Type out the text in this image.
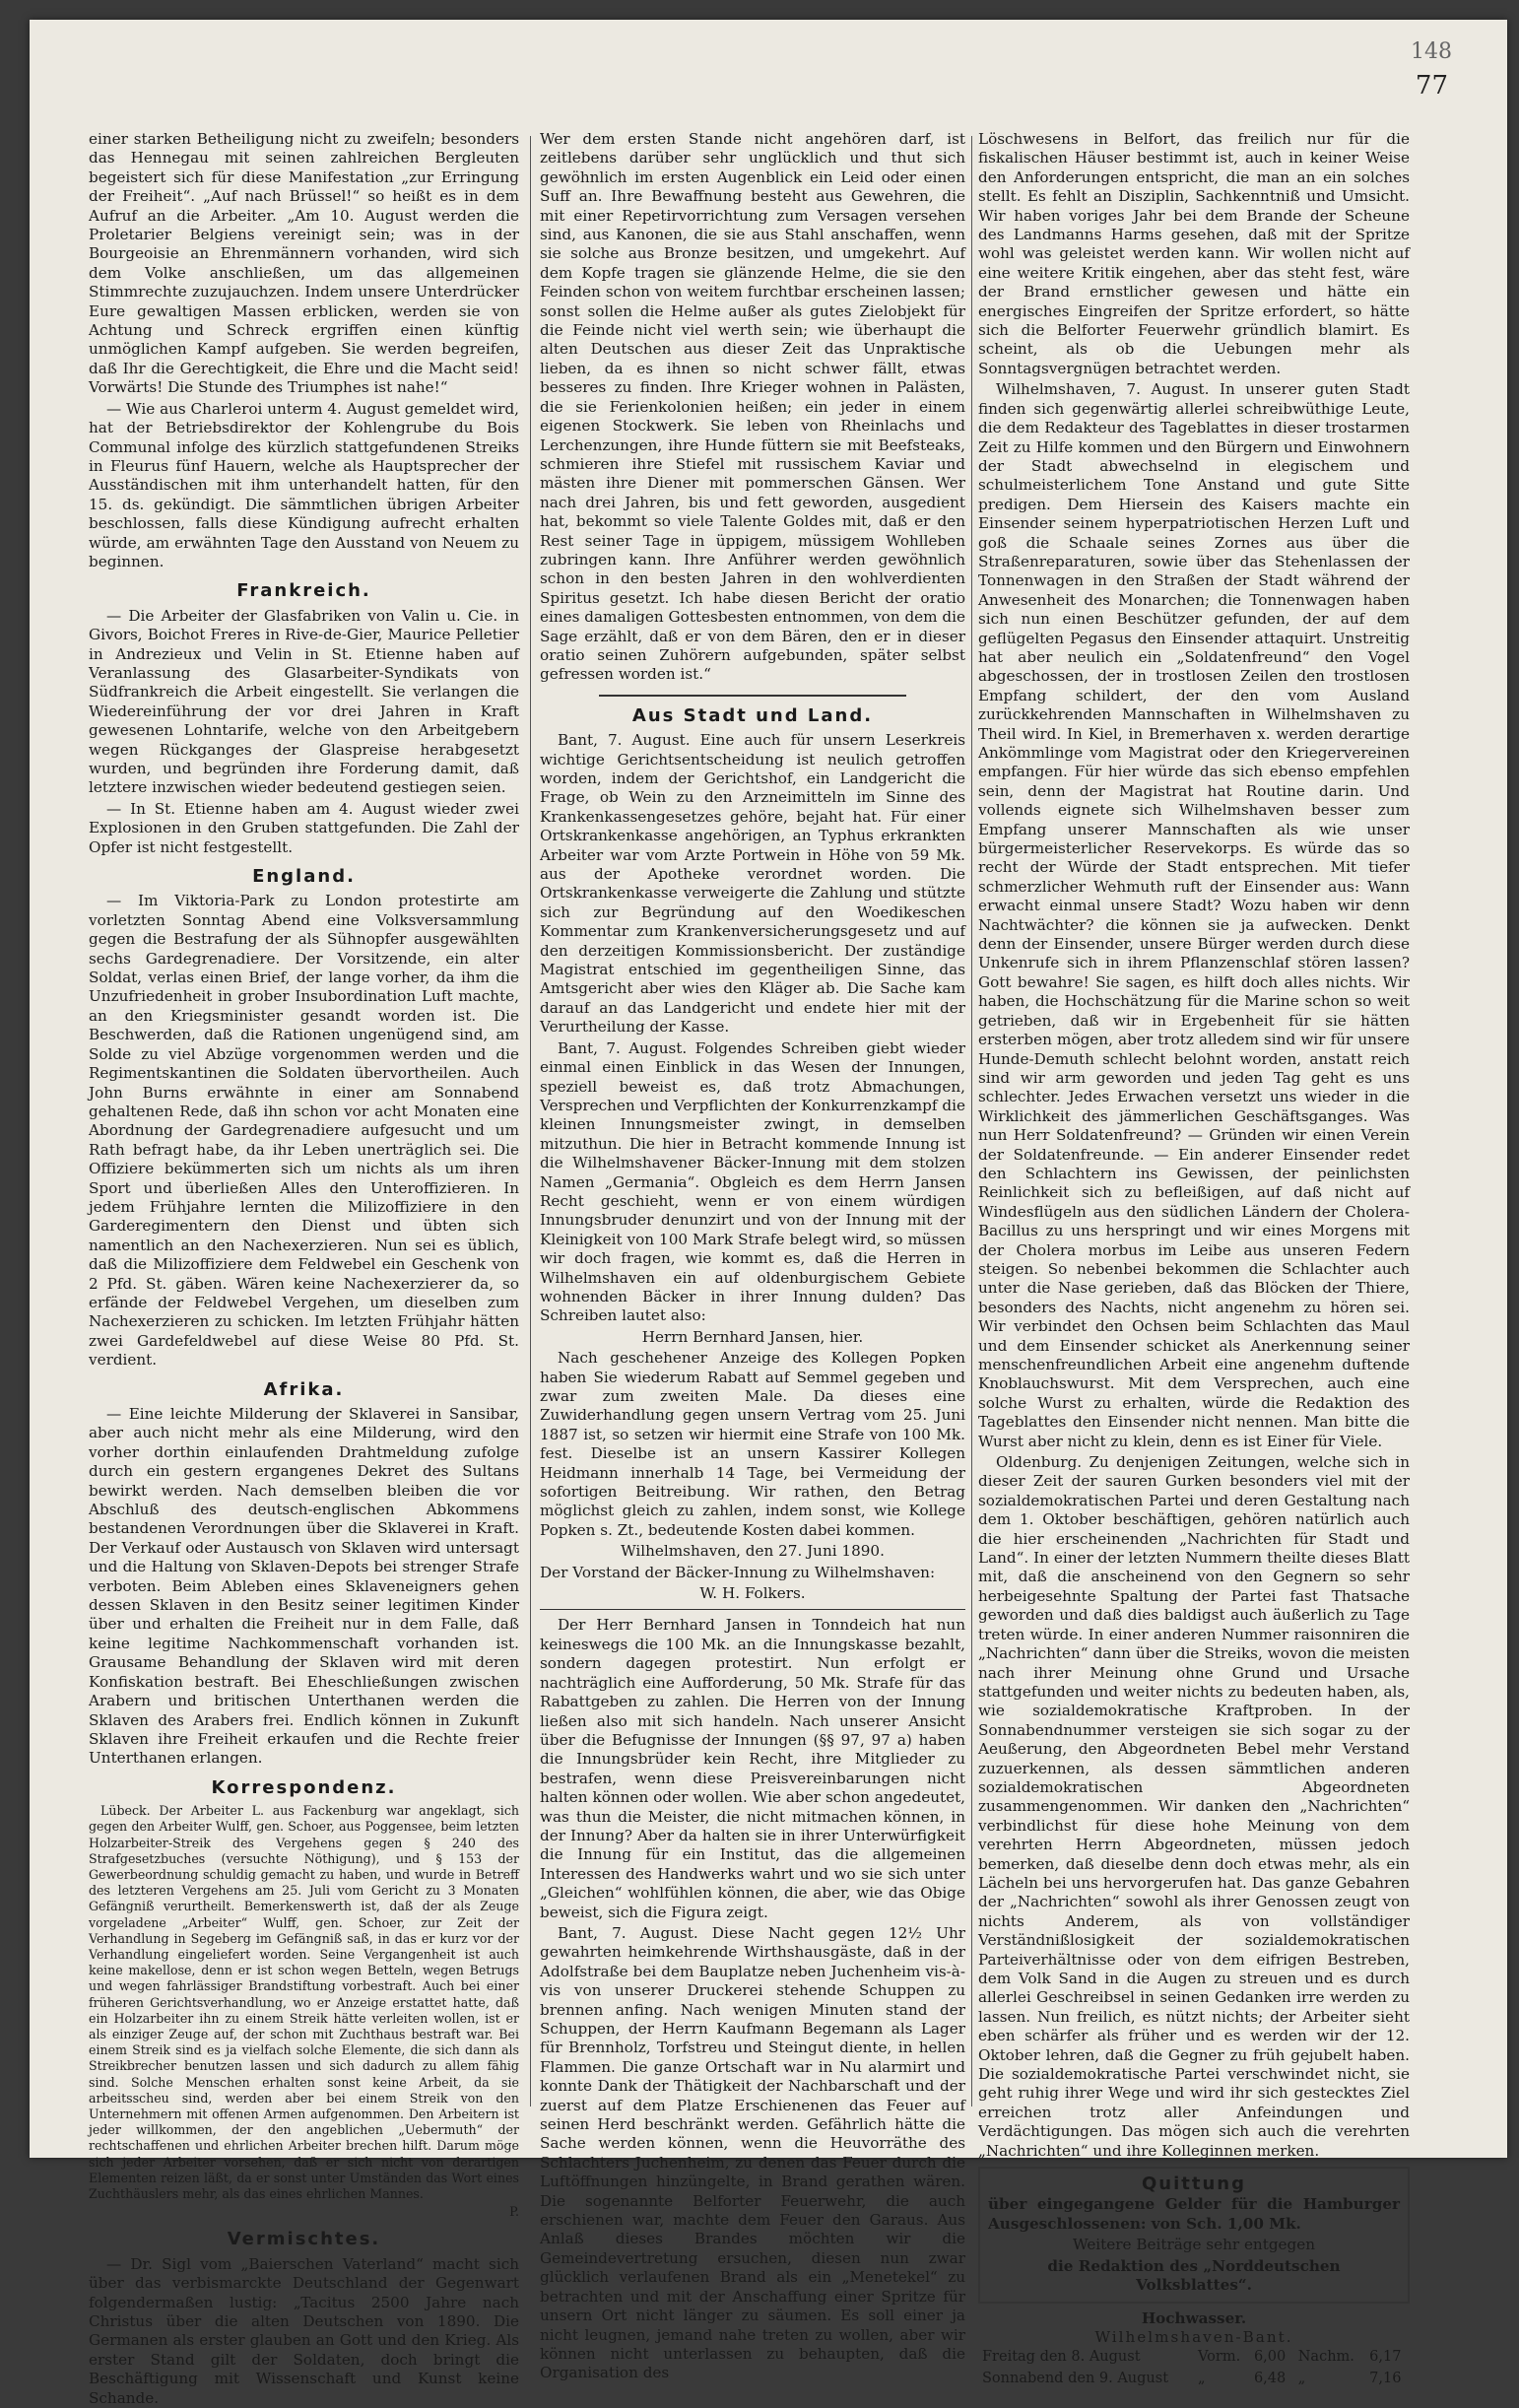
148
77

einer starken Betheiligung nicht zu zweifeln; besonders das Hennegau mit seinen zahlreichen Bergleuten begeistert sich für diese Manifestation „zur Erringung der Freiheit“. „Auf nach Brüssel!“ so heißt es in dem Aufruf an die Arbeiter. „Am 10. August werden die Proletarier Belgiens vereinigt sein; was in der Bourgeoisie an Ehrenmännern vorhanden, wird sich dem Volke anschließen, um das allgemeinen Stimmrechte zuzujauchzen. Indem unsere Unterdrücker Eure gewaltigen Massen erblicken, werden sie von Achtung und Schreck ergriffen einen künftig unmöglichen Kampf aufgeben. Sie werden begreifen, daß Ihr die Gerechtigkeit, die Ehre und die Macht seid! Vorwärts! Die Stunde des Triumphes ist nahe!“

— Wie aus Charleroi unterm 4. August gemeldet wird, hat der Betriebsdirektor der Kohlengrube du Bois Communal infolge des kürzlich stattgefundenen Streiks in Fleurus fünf Hauern, welche als Hauptsprecher der Ausständischen mit ihm unterhandelt hatten, für den 15. ds. gekündigt. Die sämmtlichen übrigen Arbeiter beschlossen, falls diese Kündigung aufrecht erhalten würde, am erwähnten Tage den Ausstand von Neuem zu beginnen.

Frankreich.

— Die Arbeiter der Glasfabriken von Valin u. Cie. in Givors, Boichot Freres in Rive-de-Gier, Maurice Pelletier in Andrezieux und Velin in St. Etienne haben auf Veranlassung des Glasarbeiter-Syndikats von Südfrankreich die Arbeit eingestellt. Sie verlangen die Wiedereinführung der vor drei Jahren in Kraft gewesenen Lohntarife, welche von den Arbeitgebern wegen Rückganges der Glaspreise herabgesetzt wurden, und begründen ihre Forderung damit, daß letztere inzwischen wieder bedeutend gestiegen seien.

— In St. Etienne haben am 4. August wieder zwei Explosionen in den Gruben stattgefunden. Die Zahl der Opfer ist nicht festgestellt.

England.

— Im Viktoria-Park zu London protestirte am vorletzten Sonntag Abend eine Volksversammlung gegen die Bestrafung der als Sühnopfer ausgewählten sechs Gardegrenadiere. Der Vorsitzende, ein alter Soldat, verlas einen Brief, der lange vorher, da ihm die Unzufriedenheit in grober Insubordination Luft machte, an den Kriegsminister gesandt worden ist. Die Beschwerden, daß die Rationen ungenügend sind, am Solde zu viel Abzüge vorgenommen werden und die Regimentskantinen die Soldaten übervortheilen. Auch John Burns erwähnte in einer am Sonnabend gehaltenen Rede, daß ihn schon vor acht Monaten eine Abordnung der Gardegrenadiere aufgesucht und um Rath befragt habe, da ihr Leben unerträglich sei. Die Offiziere bekümmerten sich um nichts als um ihren Sport und überließen Alles den Unteroffizieren. In jedem Frühjahre lernten die Milizoffiziere in den Garderegimentern den Dienst und übten sich namentlich an den Nachexerzieren. Nun sei es üblich, daß die Milizoffiziere dem Feldwebel ein Geschenk von 2 Pfd. St. gäben. Wären keine Nachexerzierer da, so erfände der Feldwebel Vergehen, um dieselben zum Nachexerzieren zu schicken. Im letzten Frühjahr hätten zwei Gardefeldwebel auf diese Weise 80 Pfd. St. verdient.

Afrika.

— Eine leichte Milderung der Sklaverei in Sansibar, aber auch nicht mehr als eine Milderung, wird den vorher dorthin einlaufenden Drahtmeldung zufolge durch ein gestern ergangenes Dekret des Sultans bewirkt werden. Nach demselben bleiben die vor Abschluß des deutsch-englischen Abkommens bestandenen Verordnungen über die Sklaverei in Kraft. Der Verkauf oder Austausch von Sklaven wird untersagt und die Haltung von Sklaven-Depots bei strenger Strafe verboten. Beim Ableben eines Sklaveneigners gehen dessen Sklaven in den Besitz seiner legitimen Kinder über und erhalten die Freiheit nur in dem Falle, daß keine legitime Nachkommenschaft vorhanden ist. Grausame Behandlung der Sklaven wird mit deren Konfiskation bestraft. Bei Eheschließungen zwischen Arabern und britischen Unterthanen werden die Sklaven des Arabers frei. Endlich können in Zukunft Sklaven ihre Freiheit erkaufen und die Rechte freier Unterthanen erlangen.

Korrespondenz.

Lübeck. Der Arbeiter L. aus Fackenburg war angeklagt, sich gegen den Arbeiter Wulff, gen. Schoer, aus Poggensee, beim letzten Holzarbeiter-Streik des Vergehens gegen § 240 des Strafgesetzbuches (versuchte Nöthigung), und § 153 der Gewerbeordnung schuldig gemacht zu haben, und wurde in Betreff des letzteren Vergehens am 25. Juli vom Gericht zu 3 Monaten Gefängniß verurtheilt. Bemerkenswerth ist, daß der als Zeuge vorgeladene „Arbeiter“ Wulff, gen. Schoer, zur Zeit der Verhandlung in Segeberg im Gefängniß saß, in das er kurz vor der Verhandlung eingeliefert worden. Seine Vergangenheit ist auch keine makellose, denn er ist schon wegen Betteln, wegen Betrugs und wegen fahrlässiger Brandstiftung vorbestraft. Auch bei einer früheren Gerichtsverhandlung, wo er Anzeige erstattet hatte, daß ein Holzarbeiter ihn zu einem Streik hätte verleiten wollen, ist er als einziger Zeuge auf, der schon mit Zuchthaus bestraft war. Bei einem Streik sind es ja vielfach solche Elemente, die sich dann als Streikbrecher benutzen lassen und sich dadurch zu allem fähig sind. Solche Menschen erhalten sonst keine Arbeit, da sie arbeitsscheu sind, werden aber bei einem Streik von den Unternehmern mit offenen Armen aufgenommen. Den Arbeitern ist jeder willkommen, der den angeblichen „Uebermuth“ der rechtschaffenen und ehrlichen Arbeiter brechen hilft. Darum möge sich jeder Arbeiter vorsehen, daß er sich nicht von derartigen Elementen reizen läßt, da er sonst unter Umständen das Wort eines Zuchthäuslers mehr, als das eines ehrlichen Mannes.

P.
Vermischtes.

— Dr. Sigl vom „Baierschen Vaterland“ macht sich über das verbismarckte Deutschland der Gegenwart folgendermaßen lustig: „Tacitus 2500 Jahre nach Christus über die alten Deutschen von 1890. Die Germanen als erster glauben an Gott und den Krieg. Als erster Stand gilt der Soldaten, doch bringt die Beschäftigung mit Wissenschaft und Kunst keine Schande.

Wer dem ersten Stande nicht angehören darf, ist zeitlebens darüber sehr unglücklich und thut sich gewöhnlich im ersten Augenblick ein Leid oder einen Suff an. Ihre Bewaffnung besteht aus Gewehren, die mit einer Repetirvorrichtung zum Versagen versehen sind, aus Kanonen, die sie aus Stahl anschaffen, wenn sie solche aus Bronze besitzen, und umgekehrt. Auf dem Kopfe tragen sie glänzende Helme, die sie den Feinden schon von weitem furchtbar erscheinen lassen; sonst sollen die Helme außer als gutes Zielobjekt für die Feinde nicht viel werth sein; wie überhaupt die alten Deutschen aus dieser Zeit das Unpraktische lieben, da es ihnen so nicht schwer fällt, etwas besseres zu finden. Ihre Krieger wohnen in Palästen, die sie Ferienkolonien heißen; ein jeder in einem eigenen Stockwerk. Sie leben von Rheinlachs und Lerchenzungen, ihre Hunde füttern sie mit Beefsteaks, schmieren ihre Stiefel mit russischem Kaviar und mästen ihre Diener mit pommerschen Gänsen. Wer nach drei Jahren, bis und fett geworden, ausgedient hat, bekommt so viele Talente Goldes mit, daß er den Rest seiner Tage in üppigem, müssigem Wohlleben zubringen kann. Ihre Anführer werden gewöhnlich schon in den besten Jahren in den wohlverdienten Spiritus gesetzt. Ich habe diesen Bericht der oratio eines damaligen Gottesbesten entnommen, von dem die Sage erzählt, daß er von dem Bären, den er in dieser oratio seinen Zuhörern aufgebunden, später selbst gefressen worden ist.“

Aus Stadt und Land.

Bant, 7. August. Eine auch für unsern Leserkreis wichtige Gerichtsentscheidung ist neulich getroffen worden, indem der Gerichtshof, ein Landgericht die Frage, ob Wein zu den Arzneimitteln im Sinne des Krankenkassengesetzes gehöre, bejaht hat. Für einer Ortskrankenkasse angehörigen, an Typhus erkrankten Arbeiter war vom Arzte Portwein in Höhe von 59 Mk. aus der Apotheke verordnet worden. Die Ortskrankenkasse verweigerte die Zahlung und stützte sich zur Begründung auf den Woedikeschen Kommentar zum Krankenversicherungsgesetz und auf den derzeitigen Kommissionsbericht. Der zuständige Magistrat entschied im gegentheiligen Sinne, das Amtsgericht aber wies den Kläger ab. Die Sache kam darauf an das Landgericht und endete hier mit der Verurtheilung der Kasse.

Bant, 7. August. Folgendes Schreiben giebt wieder einmal einen Einblick in das Wesen der Innungen, speziell beweist es, daß trotz Abmachungen, Versprechen und Verpflichten der Konkurrenzkampf die kleinen Innungsmeister zwingt, in demselben mitzuthun. Die hier in Betracht kommende Innung ist die Wilhelmshavener Bäcker-Innung mit dem stolzen Namen „Germania“. Obgleich es dem Herrn Jansen Recht geschieht, wenn er von einem würdigen Innungsbruder denunzirt und von der Innung mit der Kleinigkeit von 100 Mark Strafe belegt wird, so müssen wir doch fragen, wie kommt es, daß die Herren in Wilhelmshaven ein auf oldenburgischem Gebiete wohnenden Bäcker in ihrer Innung dulden? Das Schreiben lautet also:

Herrn Bernhard Jansen, hier.

Nach geschehener Anzeige des Kollegen Popken haben Sie wiederum Rabatt auf Semmel gegeben und zwar zum zweiten Male. Da dieses eine Zuwiderhandlung gegen unsern Vertrag vom 25. Juni 1887 ist, so setzen wir hiermit eine Strafe von 100 Mk. fest. Dieselbe ist an unsern Kassirer Kollegen Heidmann innerhalb 14 Tage, bei Vermeidung der sofortigen Beitreibung. Wir rathen, den Betrag möglichst gleich zu zahlen, indem sonst, wie Kollege Popken s. Zt., bedeutende Kosten dabei kommen.

Wilhelmshaven, den 27. Juni 1890.

Der Vorstand der Bäcker-Innung zu Wilhelmshaven:

W. H. Folkers.

Der Herr Bernhard Jansen in Tonndeich hat nun keineswegs die 100 Mk. an die Innungskasse bezahlt, sondern dagegen protestirt. Nun erfolgt er nachträglich eine Aufforderung, 50 Mk. Strafe für das Rabattgeben zu zahlen. Die Herren von der Innung ließen also mit sich handeln. Nach unserer Ansicht über die Befugnisse der Innungen (§§ 97, 97 a) haben die Innungsbrüder kein Recht, ihre Mitglieder zu bestrafen, wenn diese Preisvereinbarungen nicht halten können oder wollen. Wie aber schon angedeutet, was thun die Meister, die nicht mitmachen können, in der Innung? Aber da halten sie in ihrer Unterwürfigkeit die Innung für ein Institut, das die allgemeinen Interessen des Handwerks wahrt und wo sie sich unter „Gleichen“ wohlfühlen können, die aber, wie das Obige beweist, sich die Figura zeigt.

Bant, 7. August. Diese Nacht gegen 12½ Uhr gewahrten heimkehrende Wirthshausgäste, daß in der Adolfstraße bei dem Bauplatze neben Juchenheim vis-à-vis von unserer Druckerei stehende Schuppen zu brennen anfing. Nach wenigen Minuten stand der Schuppen, der Herrn Kaufmann Begemann als Lager für Brennholz, Torfstreu und Steingut diente, in hellen Flammen. Die ganze Ortschaft war in Nu alarmirt und konnte Dank der Thätigkeit der Nachbarschaft und der zuerst auf dem Platze Erschienenen das Feuer auf seinen Herd beschränkt werden. Gefährlich hätte die Sache werden können, wenn die Heuvorräthe des Schlachters Juchenheim, zu denen das Feuer durch die Luftöffnungen hinzüngelte, in Brand gerathen wären. Die sogenannte Belforter Feuerwehr, die auch erschienen war, machte dem Feuer den Garaus. Aus Anlaß dieses Brandes möchten wir die Gemeindevertretung ersuchen, diesen nun zwar glücklich verlaufenen Brand als ein „Menetekel“ zu betrachten und mit der Anschaffung einer Spritze für unsern Ort nicht länger zu säumen. Es soll einer ja nicht leugnen, jemand nahe treten zu wollen, aber wir können nicht unterlassen zu behaupten, daß die Organisation des

Löschwesens in Belfort, das freilich nur für die fiskalischen Häuser bestimmt ist, auch in keiner Weise den Anforderungen entspricht, die man an ein solches stellt. Es fehlt an Disziplin, Sachkenntniß und Umsicht. Wir haben voriges Jahr bei dem Brande der Scheune des Landmanns Harms gesehen, daß mit der Spritze wohl was geleistet werden kann. Wir wollen nicht auf eine weitere Kritik eingehen, aber das steht fest, wäre der Brand ernstlicher gewesen und hätte ein energisches Eingreifen der Spritze erfordert, so hätte sich die Belforter Feuerwehr gründlich blamirt. Es scheint, als ob die Uebungen mehr als Sonntagsvergnügen betrachtet werden.

Wilhelmshaven, 7. August. In unserer guten Stadt finden sich gegenwärtig allerlei schreibwüthige Leute, die dem Redakteur des Tageblattes in dieser trostarmen Zeit zu Hilfe kommen und den Bürgern und Einwohnern der Stadt abwechselnd in elegischem und schulmeisterlichem Tone Anstand und gute Sitte predigen. Dem Hiersein des Kaisers machte ein Einsender seinem hyperpatriotischen Herzen Luft und goß die Schaale seines Zornes aus über die Straßenreparaturen, sowie über das Stehenlassen der Tonnenwagen in den Straßen der Stadt während der Anwesenheit des Monarchen; die Tonnenwagen haben sich nun einen Beschützer gefunden, der auf dem geflügelten Pegasus den Einsender attaquirt. Unstreitig hat aber neulich ein „Soldatenfreund“ den Vogel abgeschossen, der in trostlosen Zeilen den trostlosen Empfang schildert, der den vom Ausland zurückkehrenden Mannschaften in Wilhelmshaven zu Theil wird. In Kiel, in Bremerhaven x. werden derartige Ankömmlinge vom Magistrat oder den Kriegervereinen empfangen. Für hier würde das sich ebenso empfehlen sein, denn der Magistrat hat Routine darin. Und vollends eignete sich Wilhelmshaven besser zum Empfang unserer Mannschaften als wie unser bürgermeisterlicher Reservekorps. Es würde das so recht der Würde der Stadt entsprechen. Mit tiefer schmerzlicher Wehmuth ruft der Einsender aus: Wann erwacht einmal unsere Stadt? Wozu haben wir denn Nachtwächter? die können sie ja aufwecken. Denkt denn der Einsender, unsere Bürger werden durch diese Unkenrufe sich in ihrem Pflanzenschlaf stören lassen? Gott bewahre! Sie sagen, es hilft doch alles nichts. Wir haben, die Hochschätzung für die Marine schon so weit getrieben, daß wir in Ergebenheit für sie hätten ersterben mögen, aber trotz alledem sind wir für unsere Hunde-Demuth schlecht belohnt worden, anstatt reich sind wir arm geworden und jeden Tag geht es uns schlechter. Jedes Erwachen versetzt uns wieder in die Wirklichkeit des jämmerlichen Geschäftsganges. Was nun Herr Soldatenfreund? — Gründen wir einen Verein der Soldatenfreunde. — Ein anderer Einsender redet den Schlachtern ins Gewissen, der peinlichsten Reinlichkeit sich zu befleißigen, auf daß nicht auf Windesflügeln aus den südlichen Ländern der Cholera-Bacillus zu uns herspringt und wir eines Morgens mit der Cholera morbus im Leibe aus unseren Federn steigen. So nebenbei bekommen die Schlachter auch unter die Nase gerieben, daß das Blöcken der Thiere, besonders des Nachts, nicht angenehm zu hören sei. Wir verbindet den Ochsen beim Schlachten das Maul und dem Einsender schicket als Anerkennung seiner menschenfreundlichen Arbeit eine angenehm duftende Knoblauchswurst. Mit dem Versprechen, auch eine solche Wurst zu erhalten, würde die Redaktion des Tageblattes den Einsender nicht nennen. Man bitte die Wurst aber nicht zu klein, denn es ist Einer für Viele.

Oldenburg. Zu denjenigen Zeitungen, welche sich in dieser Zeit der sauren Gurken besonders viel mit der sozialdemokratischen Partei und deren Gestaltung nach dem 1. Oktober beschäftigen, gehören natürlich auch die hier erscheinenden „Nachrichten für Stadt und Land“. In einer der letzten Nummern theilte dieses Blatt mit, daß die anscheinend von den Gegnern so sehr herbeigesehnte Spaltung der Partei fast Thatsache geworden und daß dies baldigst auch äußerlich zu Tage treten würde. In einer anderen Nummer raisonniren die „Nachrichten“ dann über die Streiks, wovon die meisten nach ihrer Meinung ohne Grund und Ursache stattgefunden und weiter nichts zu bedeuten haben, als, wie sozialdemokratische Kraftproben. In der Sonnabendnummer versteigen sie sich sogar zu der Aeußerung, den Abgeordneten Bebel mehr Verstand zuzuerkennen, als dessen sämmtlichen anderen sozialdemokratischen Abgeordneten zusammengenommen. Wir danken den „Nachrichten“ verbindlichst für diese hohe Meinung von dem verehrten Herrn Abgeordneten, müssen jedoch bemerken, daß dieselbe denn doch etwas mehr, als ein Lächeln bei uns hervorgerufen hat. Das ganze Gebahren der „Nachrichten“ sowohl als ihrer Genossen zeugt von nichts Anderem, als von vollständiger Verständnißlosigkeit der sozialdemokratischen Parteiverhältnisse oder von dem eifrigen Bestreben, dem Volk Sand in die Augen zu streuen und es durch allerlei Geschreibsel in seinen Gedanken irre werden zu lassen. Nun freilich, es nützt nichts; der Arbeiter sieht eben schärfer als früher und es werden wir der 12. Oktober lehren, daß die Gegner zu früh gejubelt haben. Die sozialdemokratische Partei verschwindet nicht, sie geht ruhig ihrer Wege und wird ihr sich gestecktes Ziel erreichen trotz aller Anfeindungen und Verdächtigungen. Das mögen sich auch die verehrten „Nachrichten“ und ihre Kolleginnen merken.

Quittung

über eingegangene Gelder für die Hamburger Ausgeschlossenen: von Sch. 1,00 Mk.

Weitere Beiträge sehr entgegen

die Redaktion des „Norddeutschen Volksblattes“.

Hochwasser.
Wilhelmshaven-Bant.
Freitag den 8. August	Vorm.	6,00	Nachm.	6,17
Sonnabend den 9. August	„	6,48	„	7,16
